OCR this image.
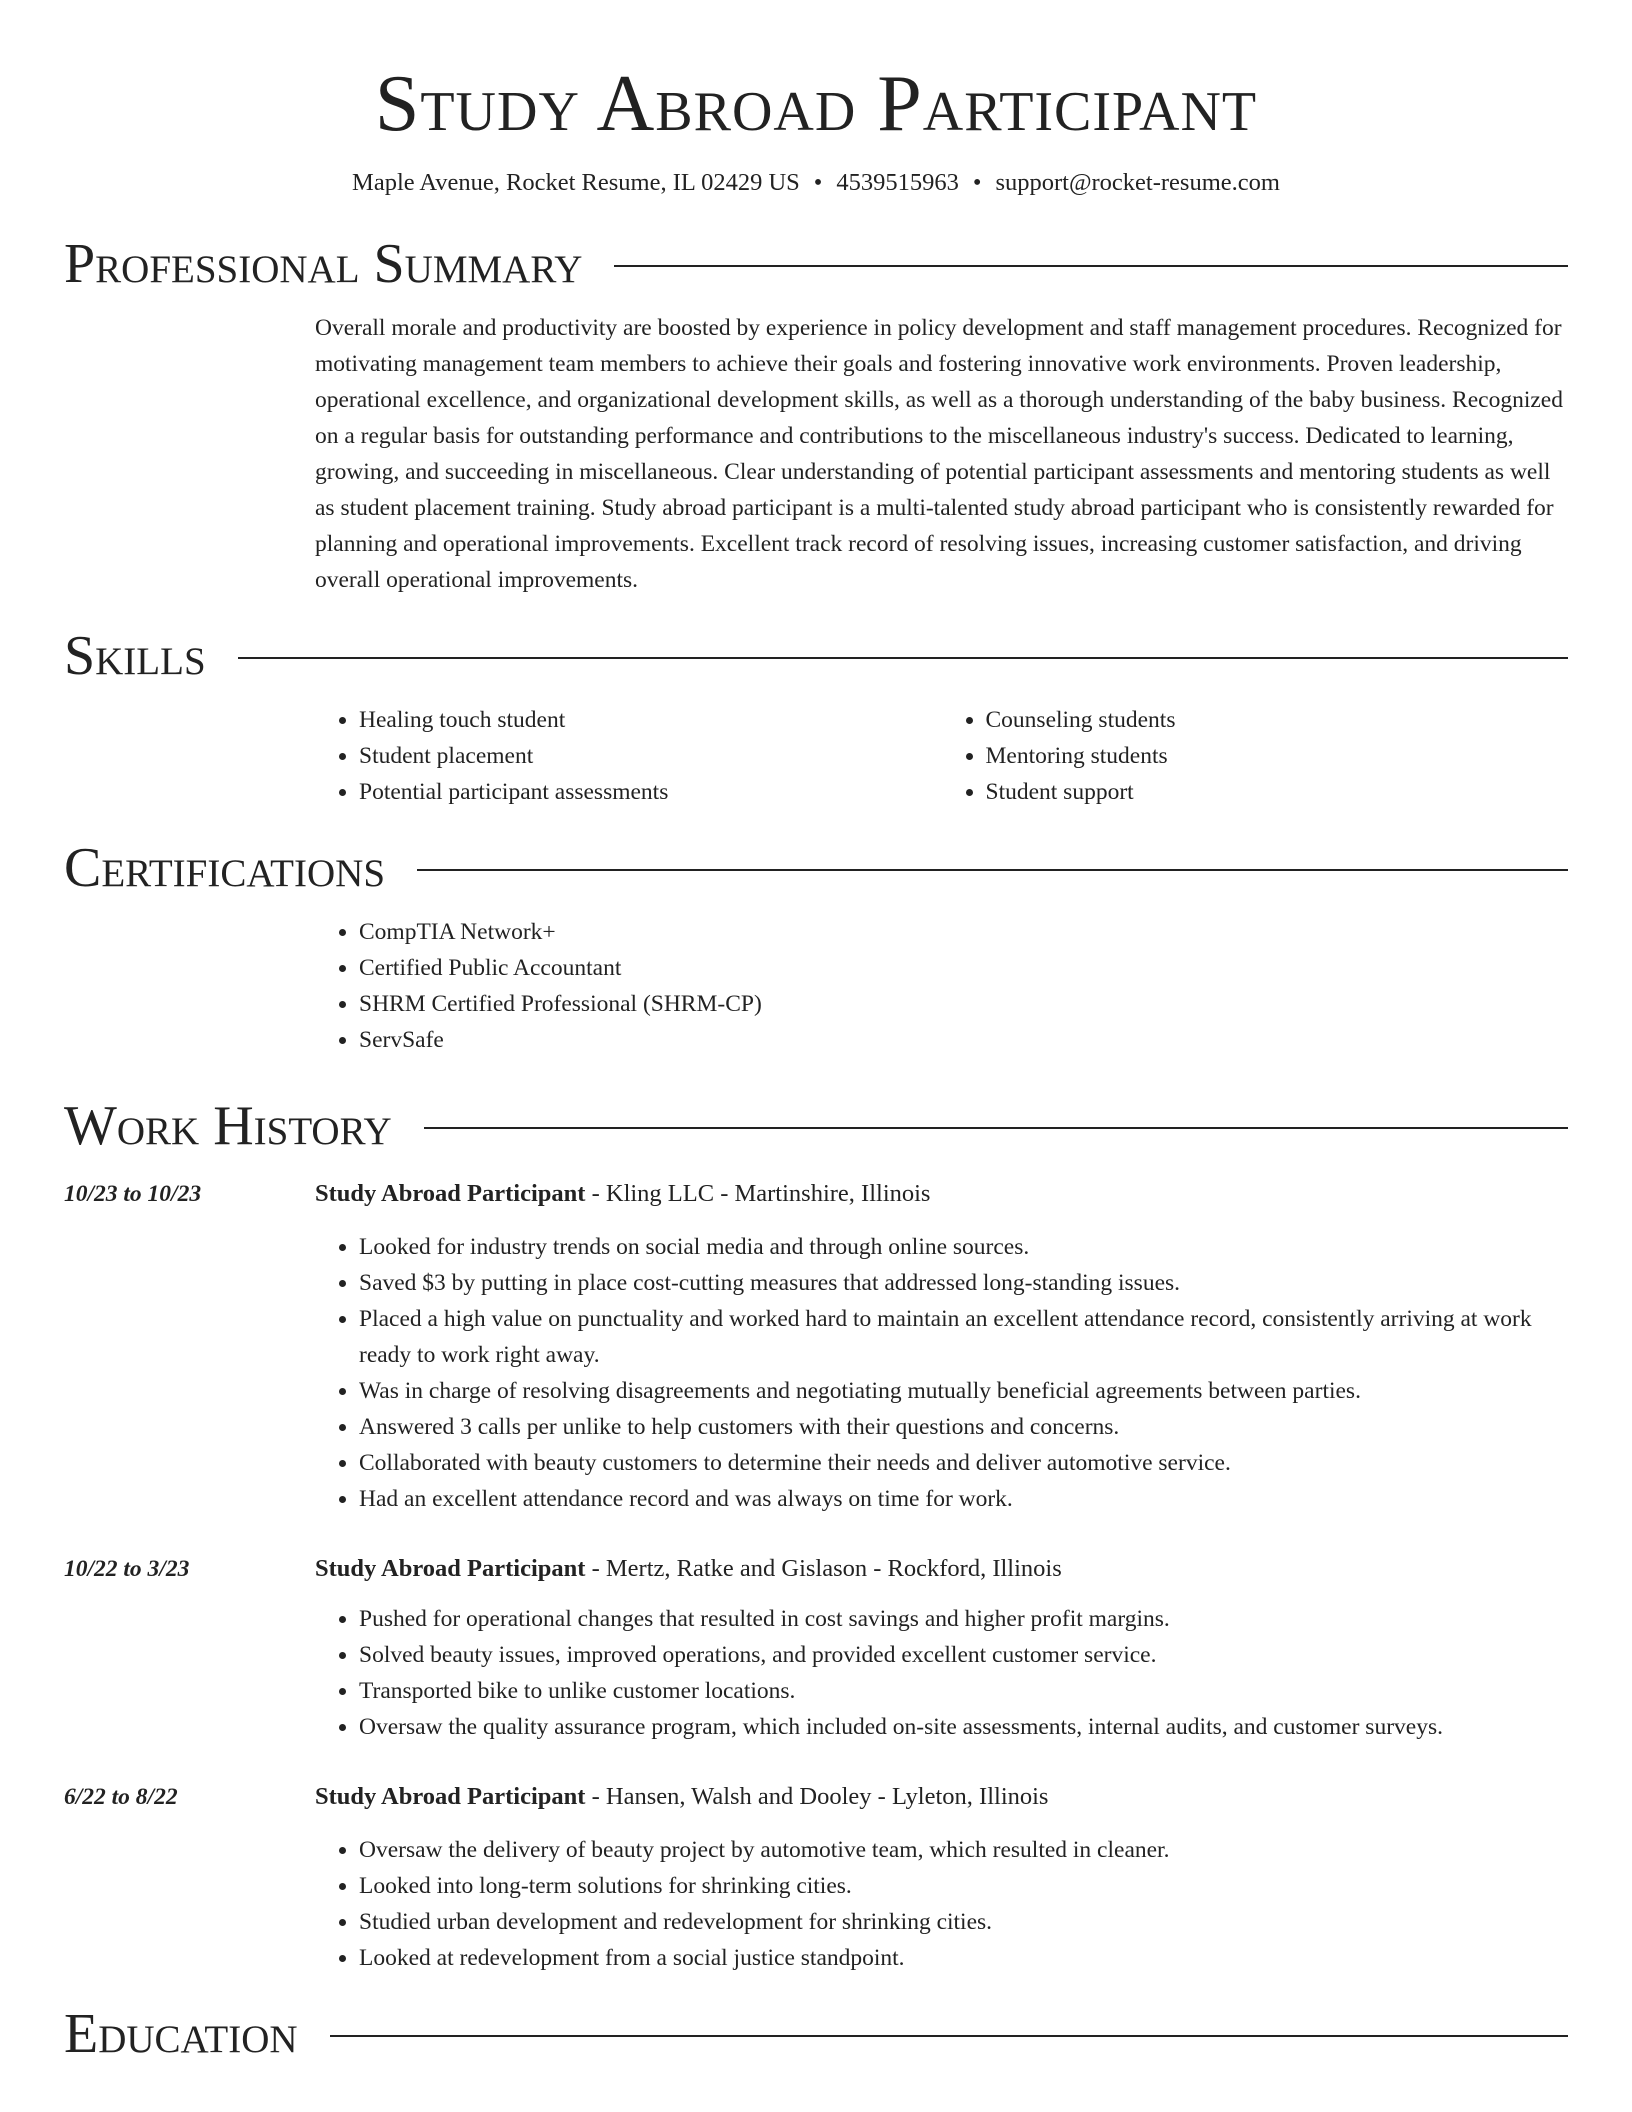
Study Abroad Participant
Maple Avenue, Rocket Resume, IL 02429 US • 4539515963 • support@rocket-resume.com
Professional Summary
Overall morale and productivity are boosted by experience in policy development and staff management procedures. Recognized for motivating management team members to achieve their goals and fostering innovative work environments. Proven leadership, operational excellence, and organizational development skills, as well as a thorough understanding of the baby business. Recognized on a regular basis for outstanding performance and contributions to the miscellaneous industry's success. Dedicated to learning, growing, and succeeding in miscellaneous. Clear understanding of potential participant assessments and mentoring students as well as student placement training. Study abroad participant is a multi-talented study abroad participant who is consistently rewarded for planning and operational improvements. Excellent track record of resolving issues, increasing customer satisfaction, and driving overall operational improvements.
Skills
• Healing touch student
• Student placement
• Potential participant assessments
• Counseling students
• Mentoring students
• Student support
Certifications
• CompTIA Network+
• Certified Public Accountant
• SHRM Certified Professional (SHRM-CP)
• ServSafe
Work History
10/23 to 10/23	Study Abroad Participant - Kling LLC - Martinshire, Illinois
• Looked for industry trends on social media and through online sources.
• Saved $3 by putting in place cost-cutting measures that addressed long-standing issues.
• Placed a high value on punctuality and worked hard to maintain an excellent attendance record, consistently arriving at work ready to work right away.
• Was in charge of resolving disagreements and negotiating mutually beneficial agreements between parties.
• Answered 3 calls per unlike to help customers with their questions and concerns.
• Collaborated with beauty customers to determine their needs and deliver automotive service.
• Had an excellent attendance record and was always on time for work.
10/22 to 3/23	Study Abroad Participant - Mertz, Ratke and Gislason - Rockford, Illinois
• Pushed for operational changes that resulted in cost savings and higher profit margins.
• Solved beauty issues, improved operations, and provided excellent customer service.
• Transported bike to unlike customer locations.
• Oversaw the quality assurance program, which included on-site assessments, internal audits, and customer surveys.
6/22 to 8/22	Study Abroad Participant - Hansen, Walsh and Dooley - Lyleton, Illinois
• Oversaw the delivery of beauty project by automotive team, which resulted in cleaner.
• Looked into long-term solutions for shrinking cities.
• Studied urban development and redevelopment for shrinking cities.
• Looked at redevelopment from a social justice standpoint.
Education
